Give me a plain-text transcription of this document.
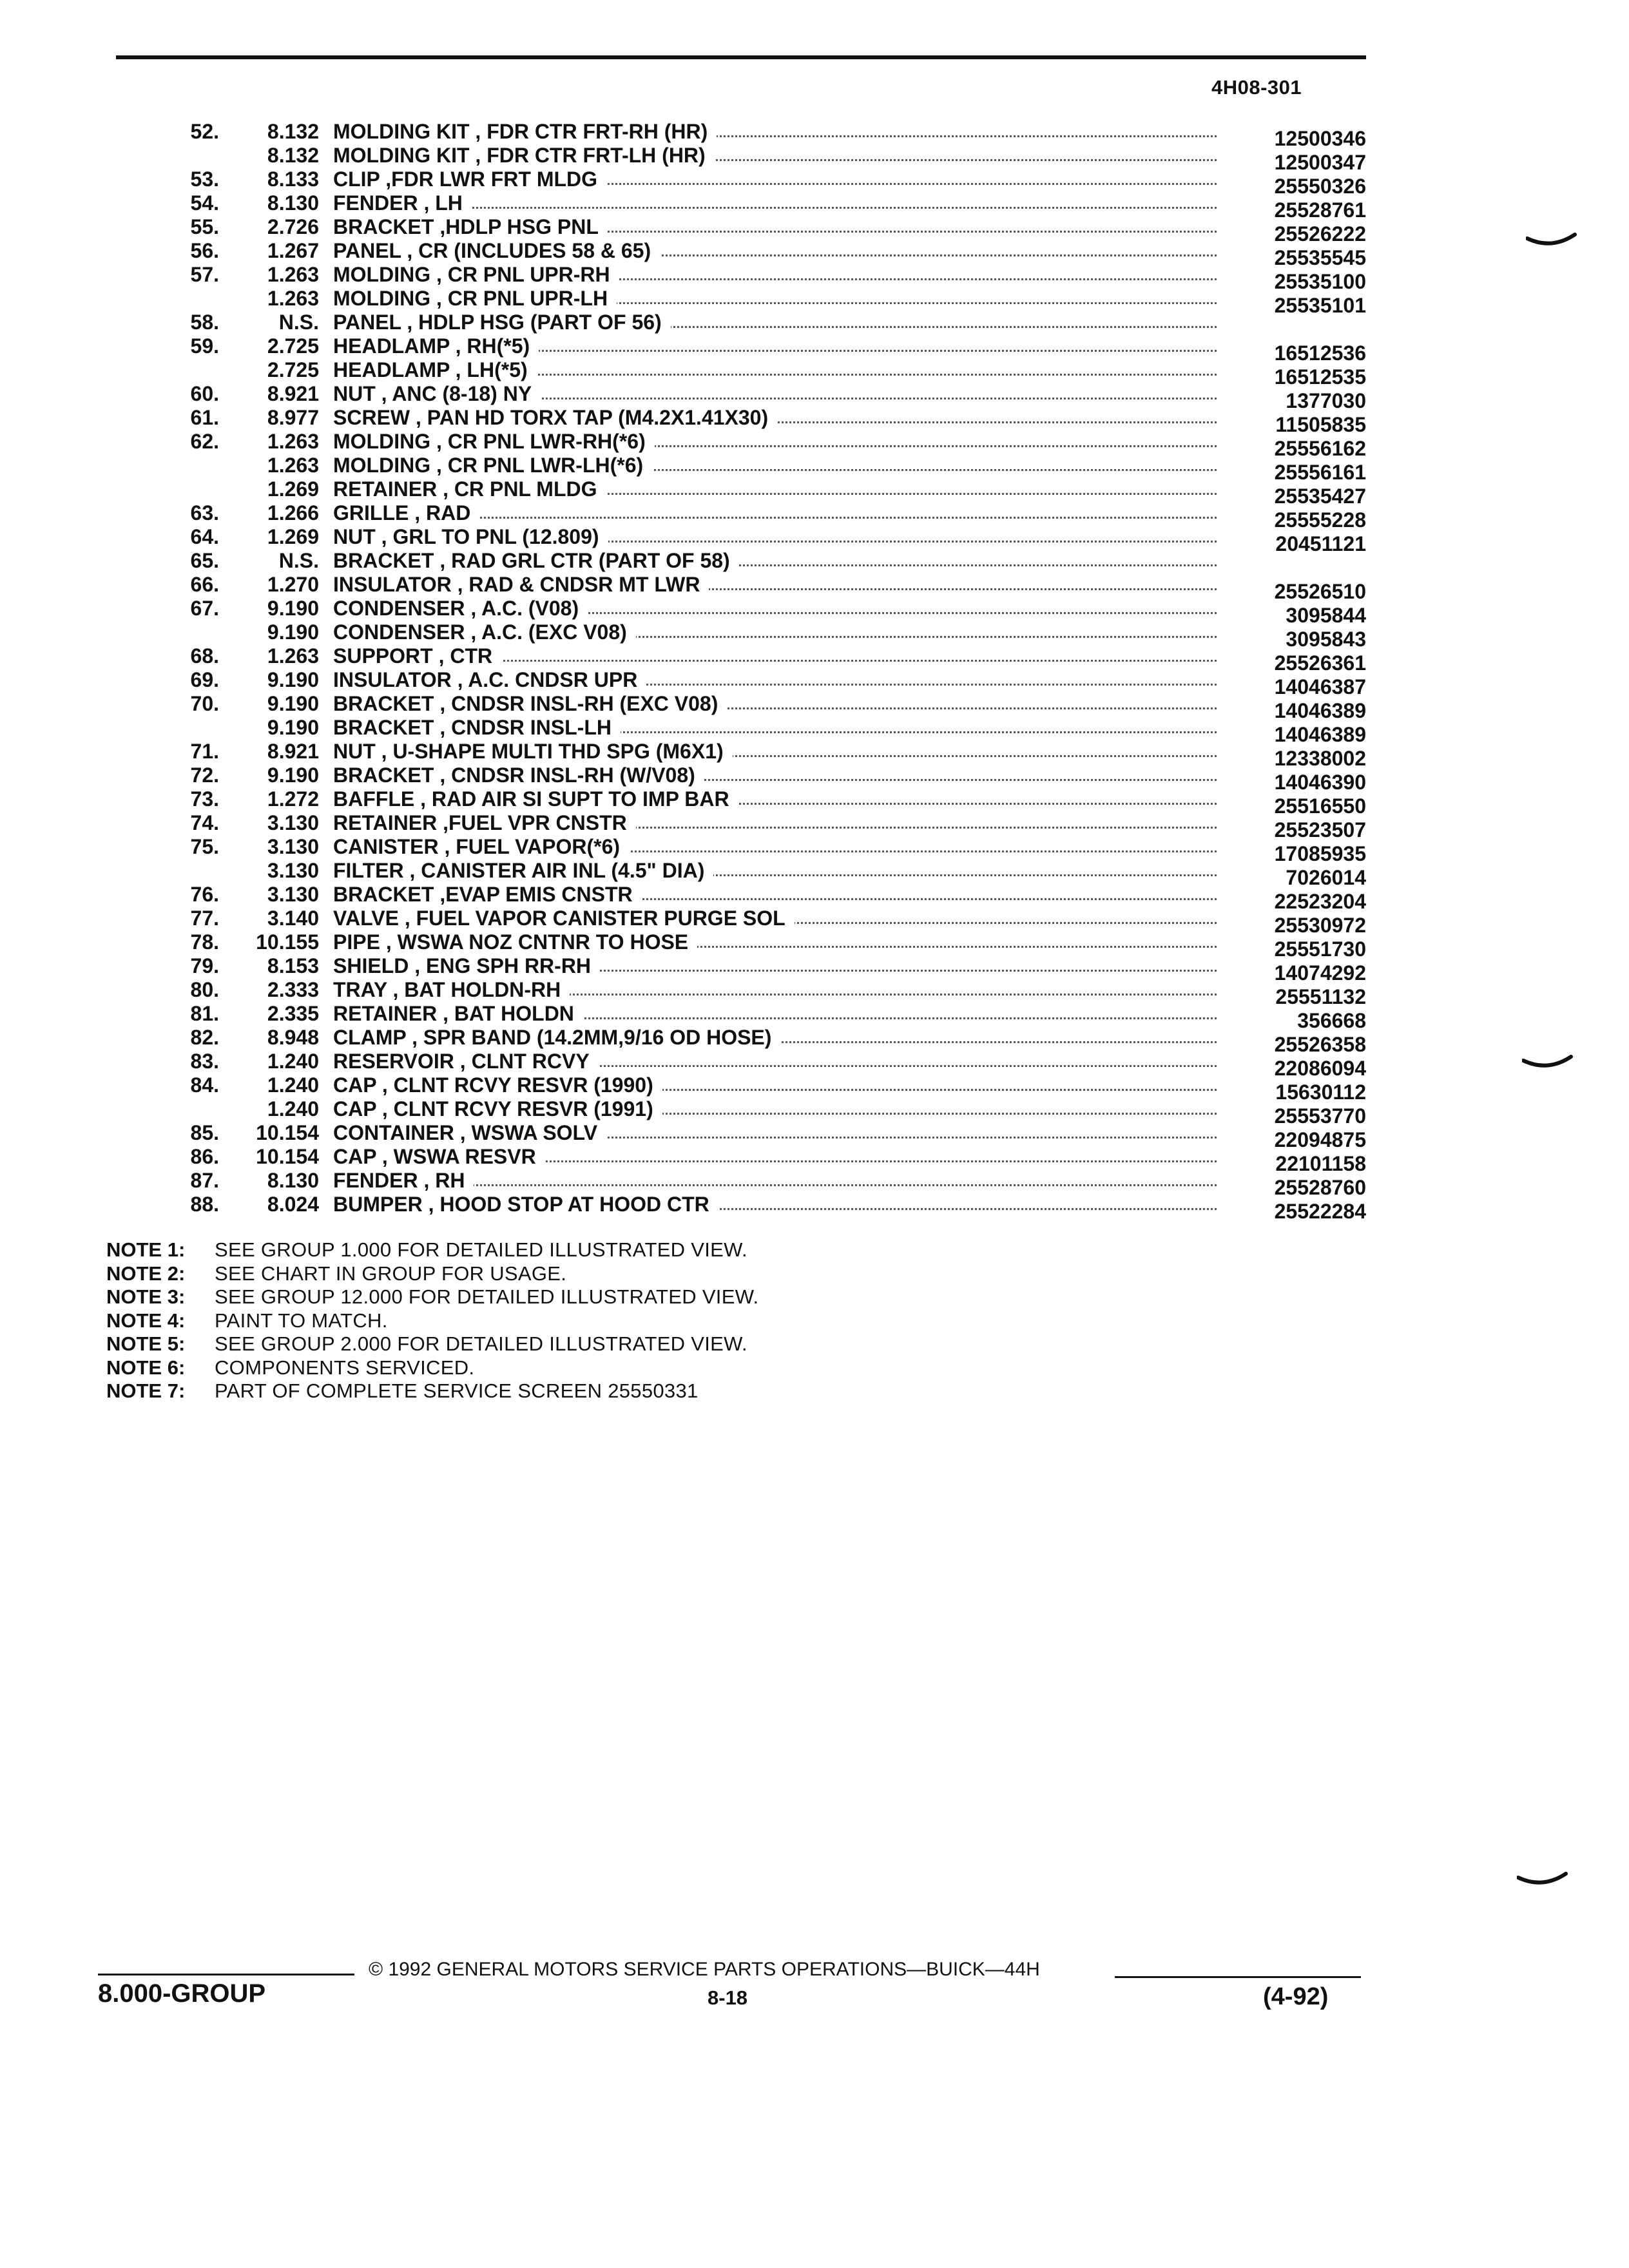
4H08-301
52.	8.132 MOLDING KIT , FDR CTR FRT-RH (HR)	12500346
8.132 MOLDING KIT , FDR CTR FRT-LH (HR)	12500347
53.	8.133 CLIP ,FDR LWR FRT MLDG	25550326
54.	8.130 FENDER , LH	25528761
55.	2.726 BRACKET ,HDLP HSG PNL	25526222
56.	1.267 PANEL , CR (INCLUDES 58 & 65)	25535545
57.	1.263 MOLDING , CR PNL UPR-RH	25535100
1.263 MOLDING , CR PNL UPR-LH	25535101
58.	N.S. PANEL , HDLP HSG (PART OF 56)
59.	2.725 HEADLAMP , RH(*5)	16512536
2.725 HEADLAMP , LH(*5)	16512535
60.	8.921 NUT , ANC (8-18) NY	1377030
61.	8.977 SCREW , PAN HD TORX TAP (M4.2X1.41X30)	11505835
62.	1.263 MOLDING , CR PNL LWR-RH(*6)	25556162
1.263 MOLDING , CR PNL LWR-LH(*6)	25556161
1.269 RETAINER , CR PNL MLDG	25535427
63.	1.266 GRILLE , RAD	25555228
64.	1.269 NUT , GRL TO PNL (12.809)	20451121
65.	N.S. BRACKET , RAD GRL CTR (PART OF 58)
66.	1.270 INSULATOR , RAD & CNDSR MT LWR	25526510
67.	9.190 CONDENSER , A.C. (V08)	3095844
9.190 CONDENSER , A.C. (EXC V08)	3095843
68.	1.263 SUPPORT , CTR	25526361
69.	9.190 INSULATOR , A.C. CNDSR UPR	14046387
70.	9.190 BRACKET , CNDSR INSL-RH (EXC V08)	14046389
9.190 BRACKET , CNDSR INSL-LH	14046389
71.	8.921 NUT , U-SHAPE MULTI THD SPG (M6X1)	12338002
72.	9.190 BRACKET , CNDSR INSL-RH (W/V08)	14046390
73.	1.272 BAFFLE , RAD AIR SI SUPT TO IMP BAR	25516550
74.	3.130 RETAINER ,FUEL VPR CNSTR	25523507
75.	3.130 CANISTER , FUEL VAPOR(*6)	17085935
3.130 FILTER , CANISTER AIR INL (4.5" DIA)	7026014
76.	3.130 BRACKET ,EVAP EMIS CNSTR	22523204
77.	3.140 VALVE , FUEL VAPOR CANISTER PURGE SOL	25530972
78.	10.155 PIPE , WSWA NOZ CNTNR TO HOSE	25551730
79.	8.153 SHIELD , ENG SPH RR-RH	14074292
80.	2.333 TRAY , BAT HOLDN-RH	25551132
81.	2.335 RETAINER , BAT HOLDN	356668
82.	8.948 CLAMP , SPR BAND (14.2MM,9/16 OD HOSE)	25526358
83.	1.240 RESERVOIR , CLNT RCVY	22086094
84.	1.240 CAP , CLNT RCVY RESVR (1990)	15630112
1.240 CAP , CLNT RCVY RESVR (1991)	25553770
85.	10.154 CONTAINER , WSWA SOLV	22094875
86.	10.154 CAP , WSWA RESVR	22101158
87.	8.130 FENDER , RH	25528760
88.	8.024 BUMPER , HOOD STOP AT HOOD CTR	25522284
NOTE 1: SEE GROUP 1.000 FOR DETAILED ILLUSTRATED VIEW.
NOTE 2: SEE CHART IN GROUP FOR USAGE.
NOTE 3: SEE GROUP 12.000 FOR DETAILED ILLUSTRATED VIEW.
NOTE 4: PAINT TO MATCH.
NOTE 5: SEE GROUP 2.000 FOR DETAILED ILLUSTRATED VIEW.
NOTE 6: COMPONENTS SERVICED.
NOTE 7: PART OF COMPLETE SERVICE SCREEN 25550331
© 1992 GENERAL MOTORS SERVICE PARTS OPERATIONS—BUICK—44H
8.000-GROUP	8-18	(4-92)
